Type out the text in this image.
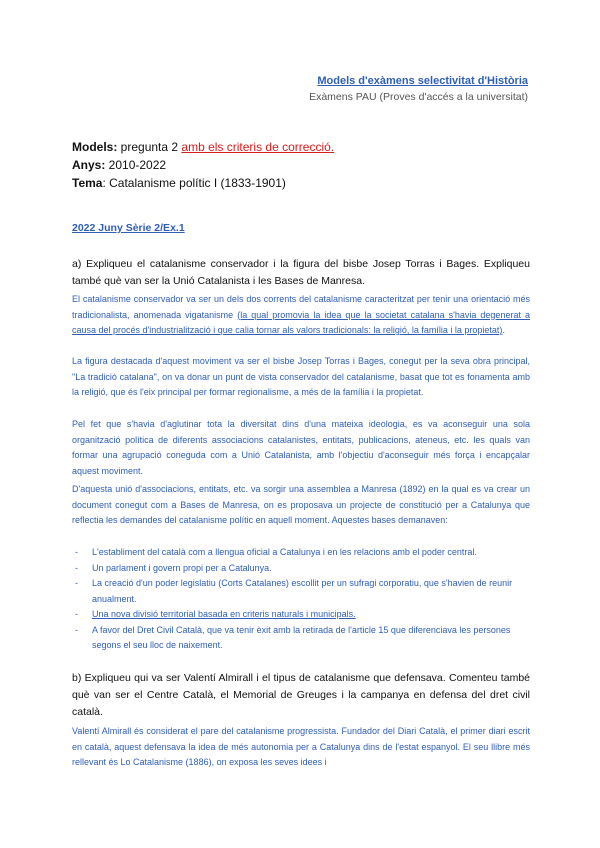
Models d'exàmens selectivitat d'Història
Exàmens PAU (Proves d'accés a la universitat)
Models: pregunta 2 amb els criteris de correcció.
Anys: 2010-2022
Tema: Catalanisme polític I (1833-1901)
2022 Juny Sèrie 2/Ex.1
a) Expliqueu el catalanisme conservador i la figura del bisbe Josep Torras i Bages. Expliqueu també què van ser la Unió Catalanista i les Bases de Manresa.
El catalanisme conservador va ser un dels dos corrents del catalanisme caracteritzat per tenir una orientació més tradicionalista, anomenada vigatanisme (la qual promovia la idea que la societat catalana s'havia degenerat a causa del procés d'industrialització i que calia tornar als valors tradicionals: la religió, la família i la propietat).
La figura destacada d'aquest moviment va ser el bisbe Josep Torras i Bages, conegut per la seva obra principal, "La tradició catalana", on va donar un punt de vista conservador del catalanisme, basat que tot es fonamenta amb la religió, que és l'eix principal per formar regionalisme, a més de la família i la propietat.
Pel fet que s'havia d'aglutinar tota la diversitat dins d'una mateixa ideologia, es va aconseguir una sola organització política de diferents associacions catalanistes, entitats, publicacions, ateneus, etc. les quals van formar una agrupació coneguda com a Unió Catalanista, amb l'objectiu d'aconseguir més força i encapçalar aquest moviment.
D'aquesta unió d'associacions, entitats, etc. va sorgir una assemblea a Manresa (1892) en la qual es va crear un document conegut com a Bases de Manresa, on es proposava un projecte de constitució per a Catalunya que reflectia les demandes del catalanisme polític en aquell moment. Aquestes bases demanaven:
- L'establiment del català com a llengua oficial a Catalunya i en les relacions amb el poder central.
- Un parlament i govern propi per a Catalunya.
- La creació d'un poder legislatiu (Corts Catalanes) escollit per un sufragi corporatiu, que s'havien de reunir anualment.
- Una nova divisió territorial basada en criteris naturals i municipals.
- A favor del Dret Civil Català, que va tenir èxit amb la retirada de l'article 15 que diferenciava les persones segons el seu lloc de naixement.
b) Expliqueu qui va ser Valentí Almirall i el tipus de catalanisme que defensava. Comenteu també què van ser el Centre Català, el Memorial de Greuges i la campanya en defensa del dret civil català.
Valentí Almirall és considerat el pare del catalanisme progressista. Fundador del Diari Català, el primer diari escrit en català, aquest defensava la idea de més autonomia per a Catalunya dins de l'estat espanyol. El seu llibre més rellevant és Lo Catalanisme (1886), on exposa les seves idees i
